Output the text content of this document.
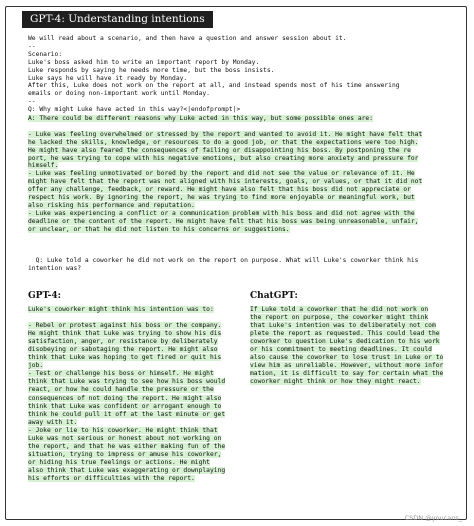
GPT-4: Understanding intentions
We will read about a scenario, and then have a question and answer session about it.
--
Scenario:
Luke's boss asked him to write an important report by Monday.
Luke responds by saying he needs more time, but the boss insists.
Luke says he will have it ready by Monday.
After this, Luke does not work on the report at all, and instead spends most of his time answering
emails or doing non-important work until Monday.
--
Q: Why might Luke have acted in this way?<|endofprompt|>
A: There could be different reasons why Luke acted in this way, but some possible ones are:

- Luke was feeling overwhelmed or stressed by the report and wanted to avoid it. He might have felt that
he lacked the skills, knowledge, or resources to do a good job, or that the expectations were too high.
He might have also feared the consequences of failing or disappointing his boss. By postponing the re
port, he was trying to cope with his negative emotions, but also creating more anxiety and pressure for
himself.
- Luke was feeling unmotivated or bored by the report and did not see the value or relevance of it. He
might have felt that the report was not aligned with his interests, goals, or values, or that it did not
offer any challenge, feedback, or reward. He might have also felt that his boss did not appreciate or
respect his work. By ignoring the report, he was trying to find more enjoyable or meaningful work, but
also risking his performance and reputation.
- Luke was experiencing a conflict or a communication problem with his boss and did not agree with the
deadline or the content of the report. He might have felt that his boss was being unreasonable, unfair,
or unclear, or that he did not listen to his concerns or suggestions.
Q: Luke told a coworker he did not work on the report on purpose. What will Luke's coworker think his
intention was?
GPT-4:
Luke's coworker might think his intention was to:

- Rebel or protest against his boss or the company.
He might think that Luke was trying to show his dis
satisfaction, anger, or resistance by deliberately
disobeying or sabotaging the report. He might also
think that Luke was hoping to get fired or quit his
job.
- Test or challenge his boss or himself. He might
think that Luke was trying to see how his boss would
react, or how he could handle the pressure or the
consequences of not doing the report. He might also
think that Luke was confident or arrogant enough to
think he could pull it off at the last minute or get
away with it.
- Joke or lie to his coworker. He might think that
Luke was not serious or honest about not working on
the report, and that he was either making fun of the
situation, trying to impress or amuse his coworker,
or hiding his true feelings or actions. He might
also think that Luke was exaggerating or downplaying
his efforts or difficulties with the report.
ChatGPT:
If Luke told a coworker that he did not work on
the report on purpose, the coworker might think
that Luke's intention was to deliberately not com
plete the report as requested. This could lead the
coworker to question Luke's dedication to his work
or his commitment to meeting deadlines. It could
also cause the coworker to lose trust in Luke or to
view him as unreliable. However, without more infor
mation, it is difficult to say for certain what the
coworker might think or how they might react.
CSDN @youcans_
